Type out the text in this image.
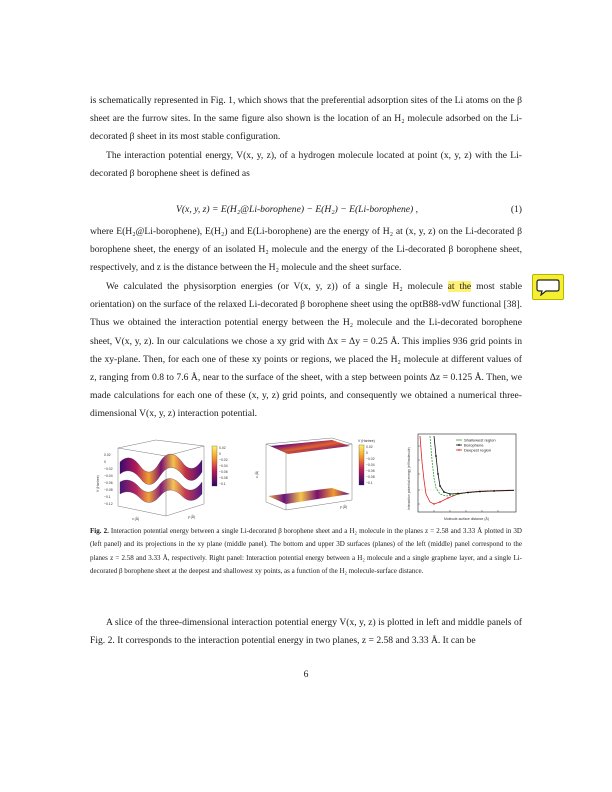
is schematically represented in Fig. 1, which shows that the preferential adsorption sites of the Li atoms on the β sheet are the furrow sites. In the same figure also shown is the location of an H₂ molecule adsorbed on the Li-decorated β sheet in its most stable configuration.

The interaction potential energy, V(x, y, z), of a hydrogen molecule located at point (x, y, z) with the Li-decorated β borophene sheet is defined as

V(x, y, z) = E(H₂@Li-borophene) − E(H₂) − E(Li-borophene) ,	(1)

where E(H₂@Li-borophene), E(H₂) and E(Li-borophene) are the energy of H₂ at (x, y, z) on the Li-decorated β borophene sheet, the energy of an isolated H₂ molecule and the energy of the Li-decorated β borophene sheet, respectively, and z is the distance between the H₂ molecule and the sheet surface.

We calculated the physisorption energies (or V(x, y, z)) of a single H₂ molecule at the most stable orientation) on the surface of the relaxed Li-decorated β borophene sheet using the optB88-vdW functional [38]. Thus we obtained the interaction potential energy between the H₂ molecule and the Li-decorated borophene sheet, V(x, y, z). In our calculations we chose a xy grid with Δx = Δy = 0.25 Å. This implies 936 grid points in the xy-plane. Then, for each one of these xy points or regions, we placed the H₂ molecule at different values of z, ranging from 0.8 to 7.6 Å, near to the surface of the sheet, with a step between points Δz = 0.125 Å. Then, we made calculations for each one of these (x, y, z) grid points, and consequently we obtained a numerical three-dimensional V(x, y, z) interaction potential.

0.02
0
−0.02
−0.04
−0.06
−0.08
−0.1
−0.12
V (Hartree)
x (Å)	y (Å)
0.02
0
−0.02
−0.04
−0.06
−0.08
−0.1
x (Å)
y (Å)
V (Hartree)
0.02
0
−0.02
−0.04
−0.06
−0.08
−0.1
Shallowest region
Borophene
Deepest region
Molecule-surface distance (Å)
Interaction potential energy (eV/molecule)

Fig. 2. Interaction potential energy between a single Li-decorated β borophene sheet and a H₂ molecule in the planes z = 2.58 and 3.33 Å plotted in 3D (left panel) and its projections in the xy plane (middle panel). The bottom and upper 3D surfaces (planes) of the left (middle) panel correspond to the planes z = 2.58 and 3.33 Å, respectively. Right panel: Interaction potential energy between a H₂ molecule and a single graphene layer, and a single Li-decorated β borophene sheet at the deepest and shallowest xy points, as a function of the H₂ molecule-surface distance.

A slice of the three-dimensional interaction potential energy V(x, y, z) is plotted in left and middle panels of Fig. 2. It corresponds to the interaction potential energy in two planes, z = 2.58 and 3.33 Å. It can be

6
